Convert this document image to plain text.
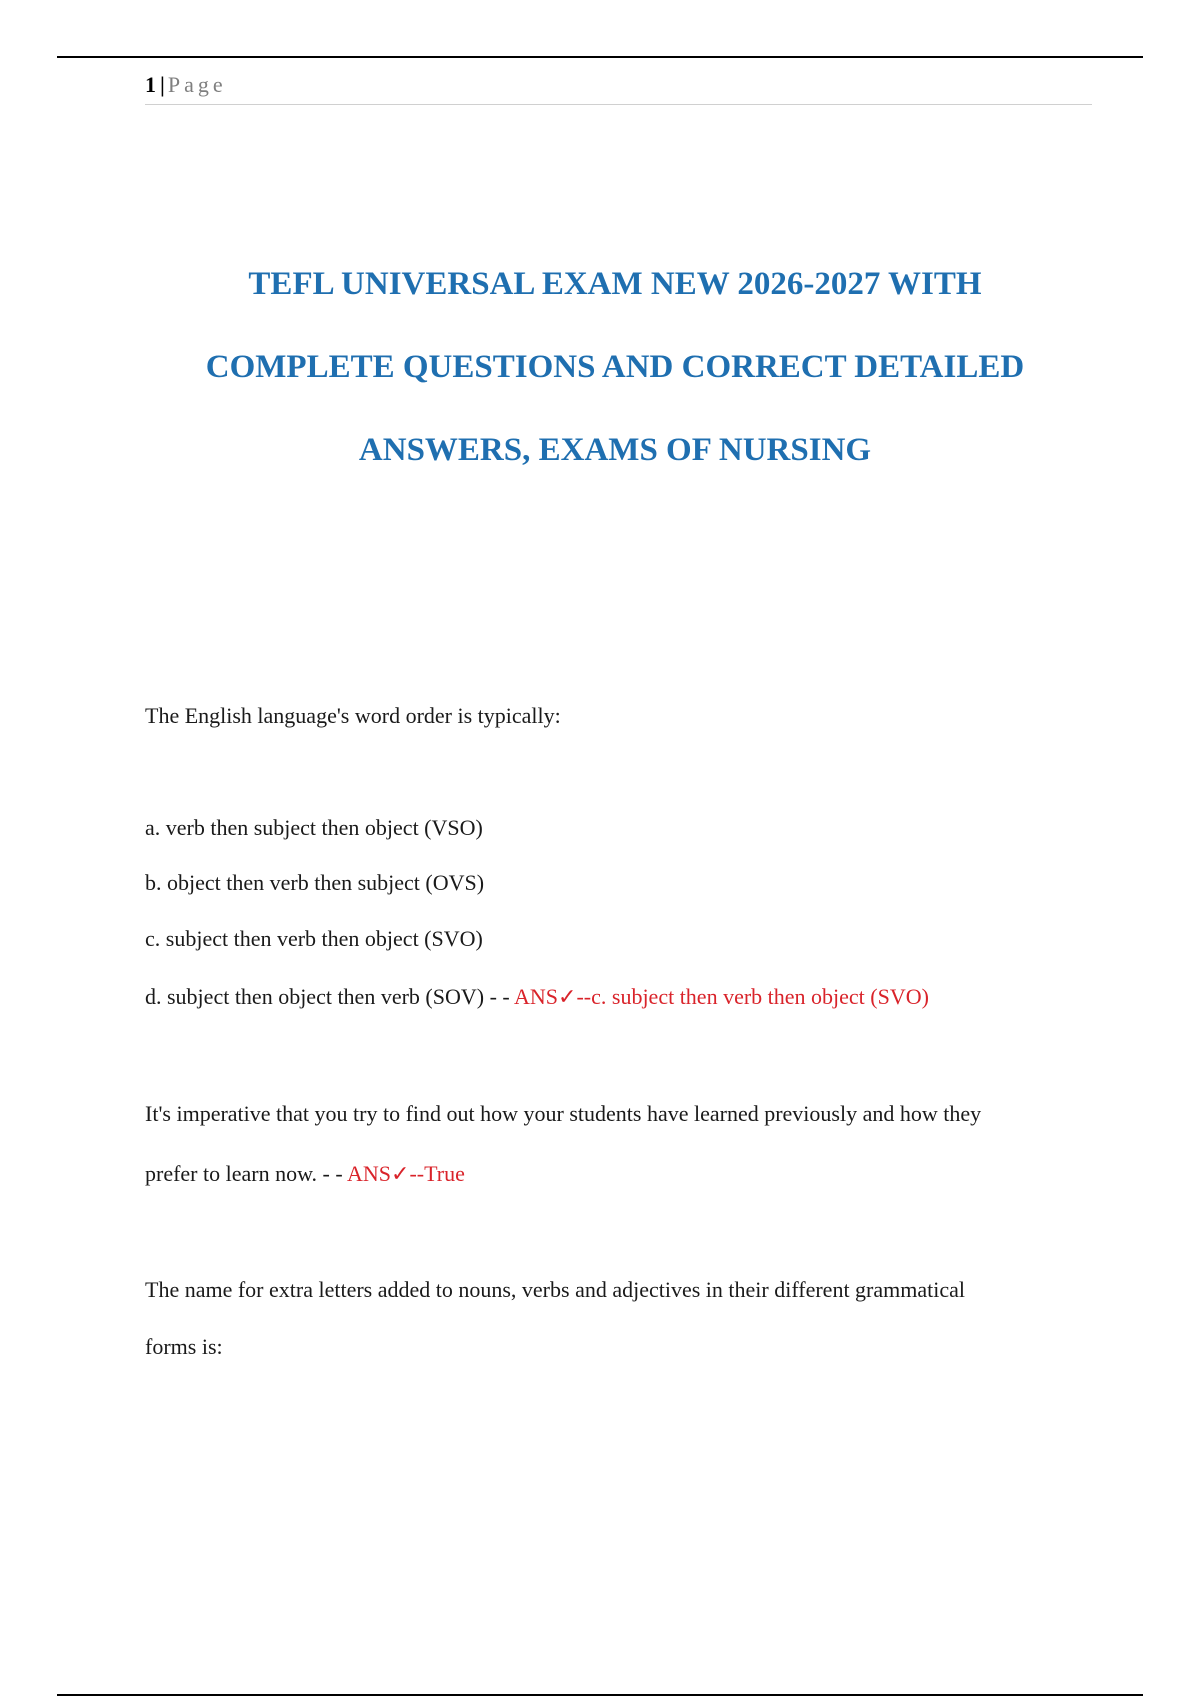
1 | Page
TEFL UNIVERSAL EXAM NEW 2026-2027 WITH
COMPLETE QUESTIONS AND CORRECT DETAILED
ANSWERS, EXAMS OF NURSING
The English language's word order is typically:
a. verb then subject then object (VSO)
b. object then verb then subject (OVS)
c. subject then verb then object (SVO)
d. subject then object then verb (SOV) - - ANS✓--c. subject then verb then object (SVO)
It's imperative that you try to find out how your students have learned previously and how they
prefer to learn now. - - ANS✓--True
The name for extra letters added to nouns, verbs and adjectives in their different grammatical
forms is:
